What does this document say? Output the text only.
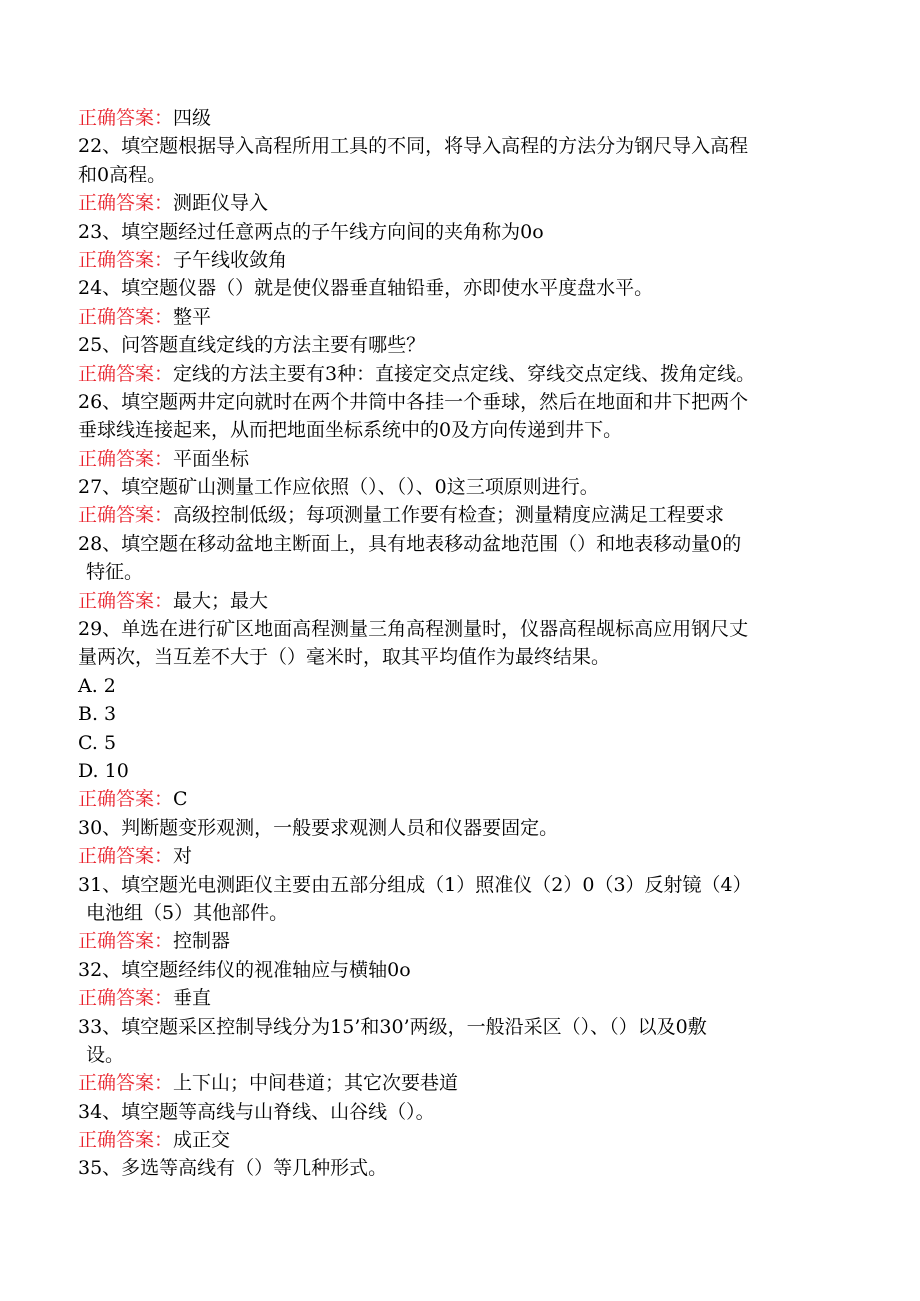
正确答案：四级
22、填空题根据导入高程所用工具的不同，将导入高程的方法分为钢尺导入高程
和0高程。
正确答案：测距仪导入
23、填空题经过任意两点的子午线方向间的夹角称为0o
正确答案：子午线收敛角
24、填空题仪器（）就是使仪器垂直轴铅垂，亦即使水平度盘水平。
正确答案：整平
25、问答题直线定线的方法主要有哪些？
正确答案：定线的方法主要有3种：直接定交点定线、穿线交点定线、拨角定线。
26、填空题两井定向就时在两个井筒中各挂一个垂球，然后在地面和井下把两个
垂球线连接起来，从而把地面坐标系统中的0及方向传递到井下。
正确答案：平面坐标
27、填空题矿山测量工作应依照（）、（）、0这三项原则进行。
正确答案：高级控制低级；每项测量工作要有检查；测量精度应满足工程要求
28、填空题在移动盆地主断面上，具有地表移动盆地范围（）和地表移动量0的
特征。
正确答案：最大；最大
29、单选在进行矿区地面高程测量三角高程测量时，仪器高程觇标高应用钢尺丈
量两次，当互差不大于（）毫米时，取其平均值作为最终结果。
A. 2
B. 3
C. 5
D. 10
正确答案：C
30、判断题变形观测，一般要求观测人员和仪器要固定。
正确答案：对
31、填空题光电测距仪主要由五部分组成（1）照准仪（2）0（3）反射镜（4）
电池组（5）其他部件。
正确答案：控制器
32、填空题经纬仪的视准轴应与横轴0o
正确答案：垂直
33、填空题采区控制导线分为15’和30’两级，一般沿采区（）、（）以及0敷
设。
正确答案：上下山；中间巷道；其它次要巷道
34、填空题等高线与山脊线、山谷线（）。
正确答案：成正交
35、多选等高线有（）等几种形式。
